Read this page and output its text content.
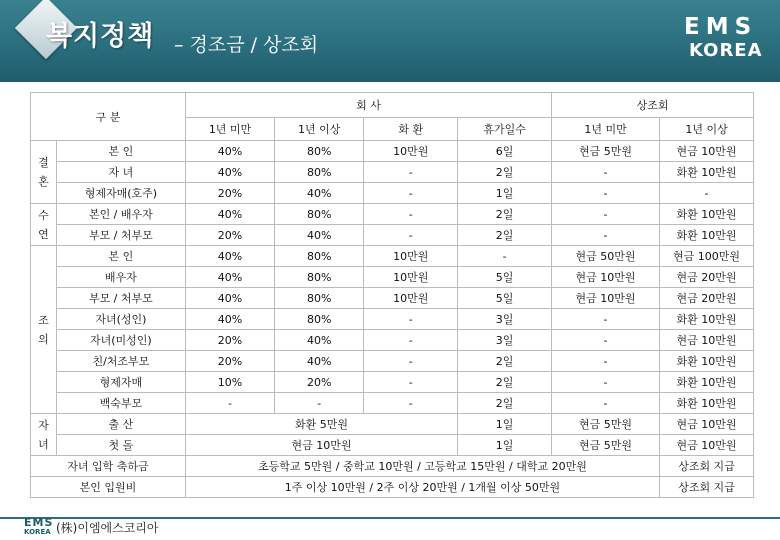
복지정책 – 경조금 / 상조회
EMS
KOREA
구 분		회 사				상조회	
		1년 미만	1년 이상	화 환	휴가일수	1년 미만	1년 이상
결
혼	본 인	40%	80%	10만원	6일	현금 5만원	현금 10만원
	자 녀	40%	80%	-	2일	-	화환 10만원
	형제자매(호주)	20%	40%	-	1일	-	-
수
연	본인 / 배우자	40%	80%	-	2일	-	화환 10만원
	부모 / 처부모	20%	40%	-	2일	-	화환 10만원
조
의	본 인	40%	80%	10만원	-	현금 50만원	현금 100만원
	배우자	40%	80%	10만원	5일	현금 10만원	현금 20만원
	부모 / 처부모	40%	80%	10만원	5일	현금 10만원	현금 20만원
	자녀(성인)	40%	80%	-	3일	-	화환 10만원
	자녀(미성인)	20%	40%	-	3일	-	현금 10만원
	친/처조부모	20%	40%	-	2일	-	화환 10만원
	형제자매	10%	20%	-	2일	-	화환 10만원
	백숙부모	-	-	-	2일	-	화환 10만원
자
녀	출 산	화환 5만원			1일	현금 5만원	현금 10만원
	첫 돌	현금 10만원			1일	현금 5만원	현금 10만원
자녀 입학 축하금		초등학교 5만원 / 중학교 10만원 / 고등학교 15만원 / 대학교 20만원					상조회 지급
본인 입원비		1주 이상 10만원 / 2주 이상 20만원 / 1개월 이상 50만원					상조회 지급
EMS
KOREA (株)이엠에스코리아
